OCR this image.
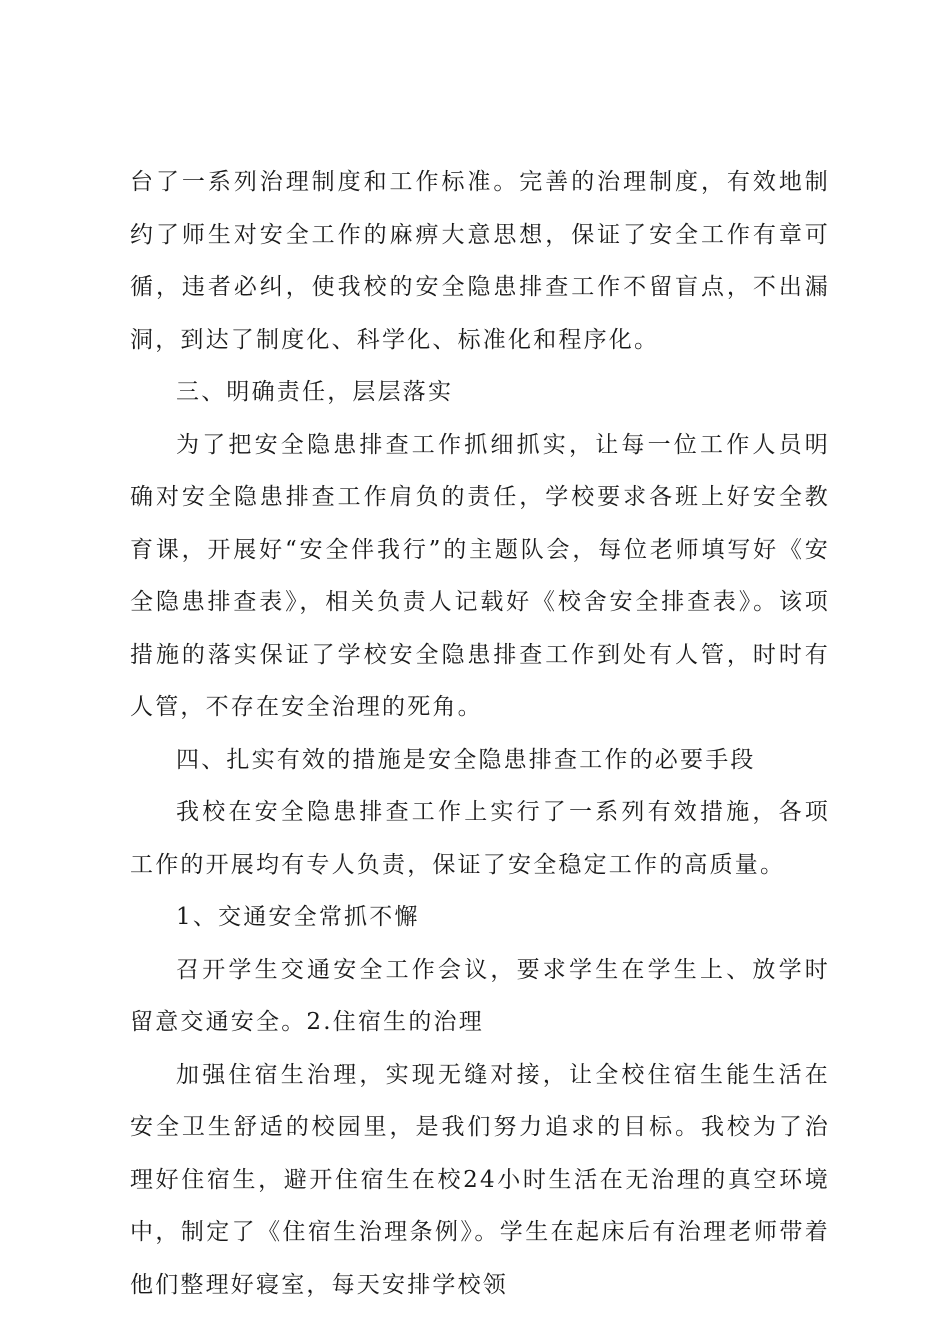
台了一系列治理制度和工作标准。完善的治理制度，有效地制约了师生对安全工作的麻痹大意思想，保证了安全工作有章可循，违者必纠，使我校的安全隐患排查工作不留盲点，不出漏洞，到达了制度化、科学化、标准化和程序化。

三、明确责任，层层落实

为了把安全隐患排查工作抓细抓实，让每一位工作人员明确对安全隐患排查工作肩负的责任，学校要求各班上好安全教育课，开展好“安全伴我行”的主题队会，每位老师填写好《安全隐患排查表》，相关负责人记载好《校舍安全排查表》。该项措施的落实保证了学校安全隐患排查工作到处有人管，时时有人管，不存在安全治理的死角。

四、扎实有效的措施是安全隐患排查工作的必要手段

我校在安全隐患排查工作上实行了一系列有效措施，各项工作的开展均有专人负责，保证了安全稳定工作的高质量。

1、交通安全常抓不懈

召开学生交通安全工作会议，要求学生在学生上、放学时留意交通安全。2.住宿生的治理

加强住宿生治理，实现无缝对接，让全校住宿生能生活在安全卫生舒适的校园里，是我们努力追求的目标。我校为了治理好住宿生，避开住宿生在校24小时生活在无治理的真空环境中，制定了《住宿生治理条例》。学生在起床后有治理老师带着他们整理好寝室，每天安排学校领
